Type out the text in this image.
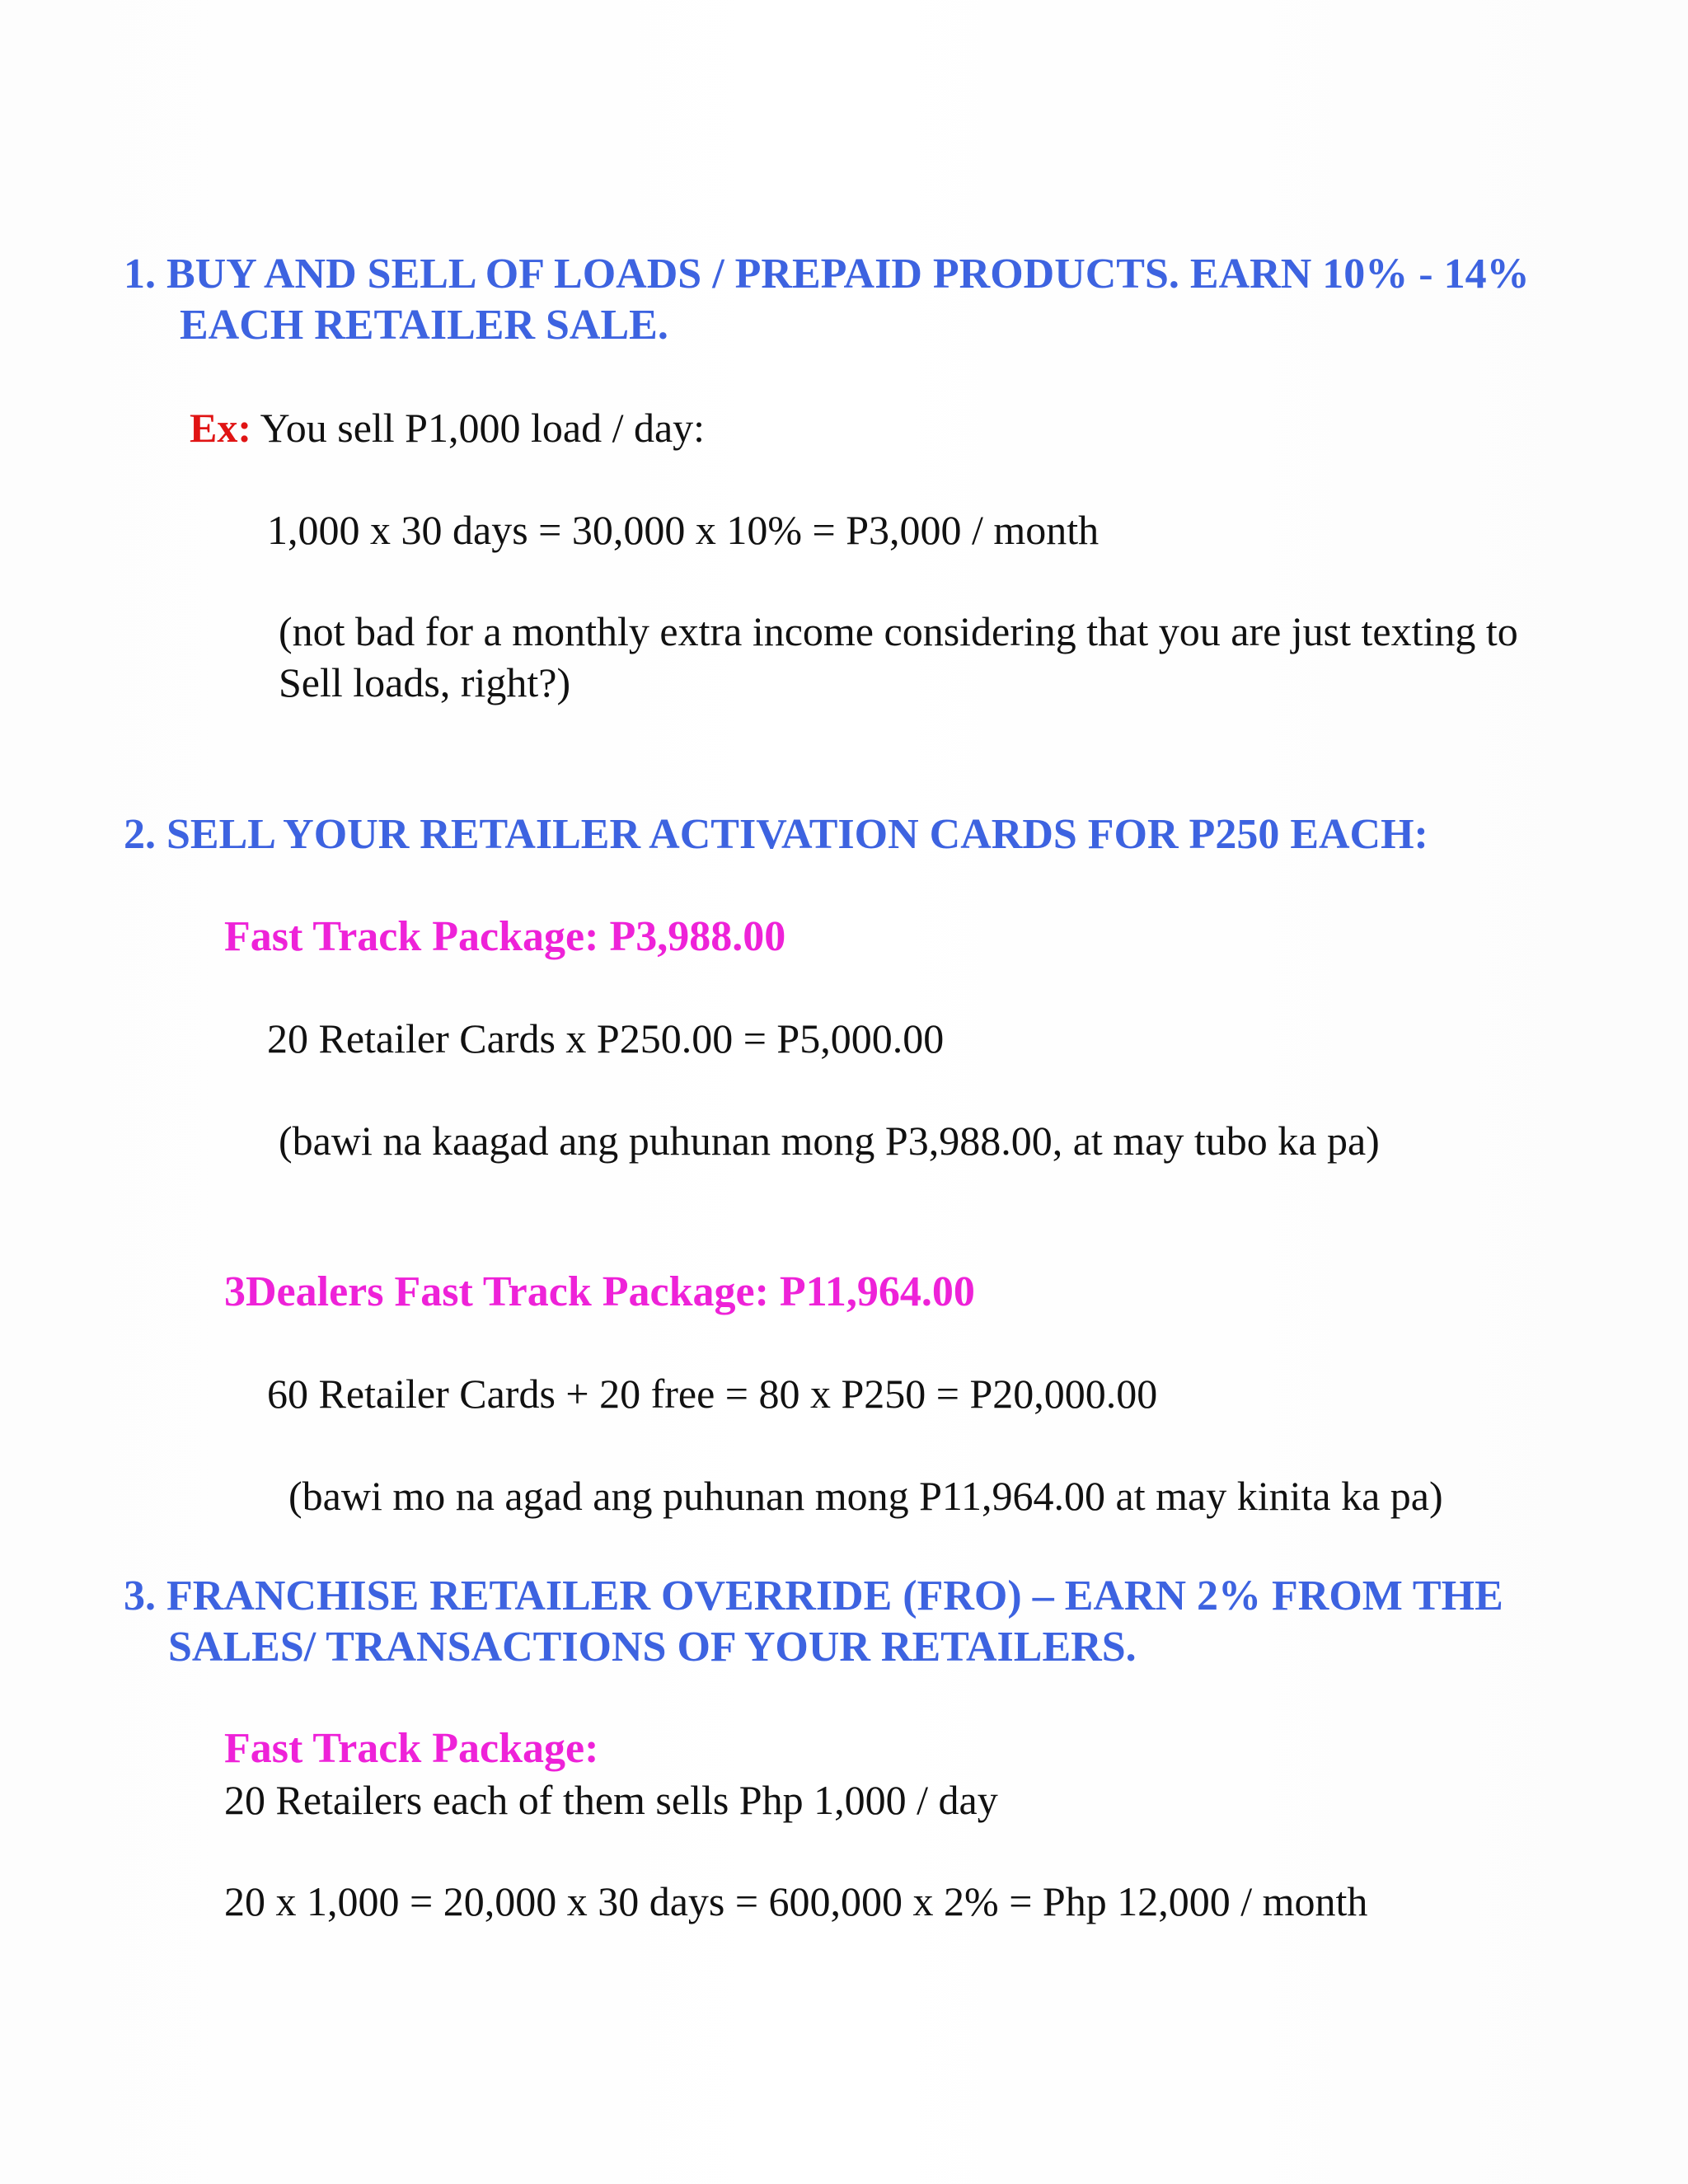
1. BUY AND SELL OF LOADS / PREPAID PRODUCTS. EARN 10% - 14%
EACH RETAILER SALE.
Ex: You sell P1,000 load / day:
1,000 x 30 days = 30,000 x 10% = P3,000 / month
(not bad for a monthly extra income considering that you are just texting to
Sell loads, right?)
2. SELL YOUR RETAILER ACTIVATION CARDS FOR P250 EACH:
Fast Track Package: P3,988.00
20 Retailer Cards x P250.00 = P5,000.00
(bawi na kaagad ang puhunan mong P3,988.00, at may tubo ka pa)
3Dealers Fast Track Package: P11,964.00
60 Retailer Cards + 20 free = 80 x P250 = P20,000.00
(bawi mo na agad ang puhunan mong P11,964.00 at may kinita ka pa)
3. FRANCHISE RETAILER OVERRIDE (FRO) – EARN 2% FROM THE
SALES/ TRANSACTIONS OF YOUR RETAILERS.
Fast Track Package:
20 Retailers each of them sells Php 1,000 / day
20 x 1,000 = 20,000 x 30 days = 600,000 x 2% = Php 12,000 / month
